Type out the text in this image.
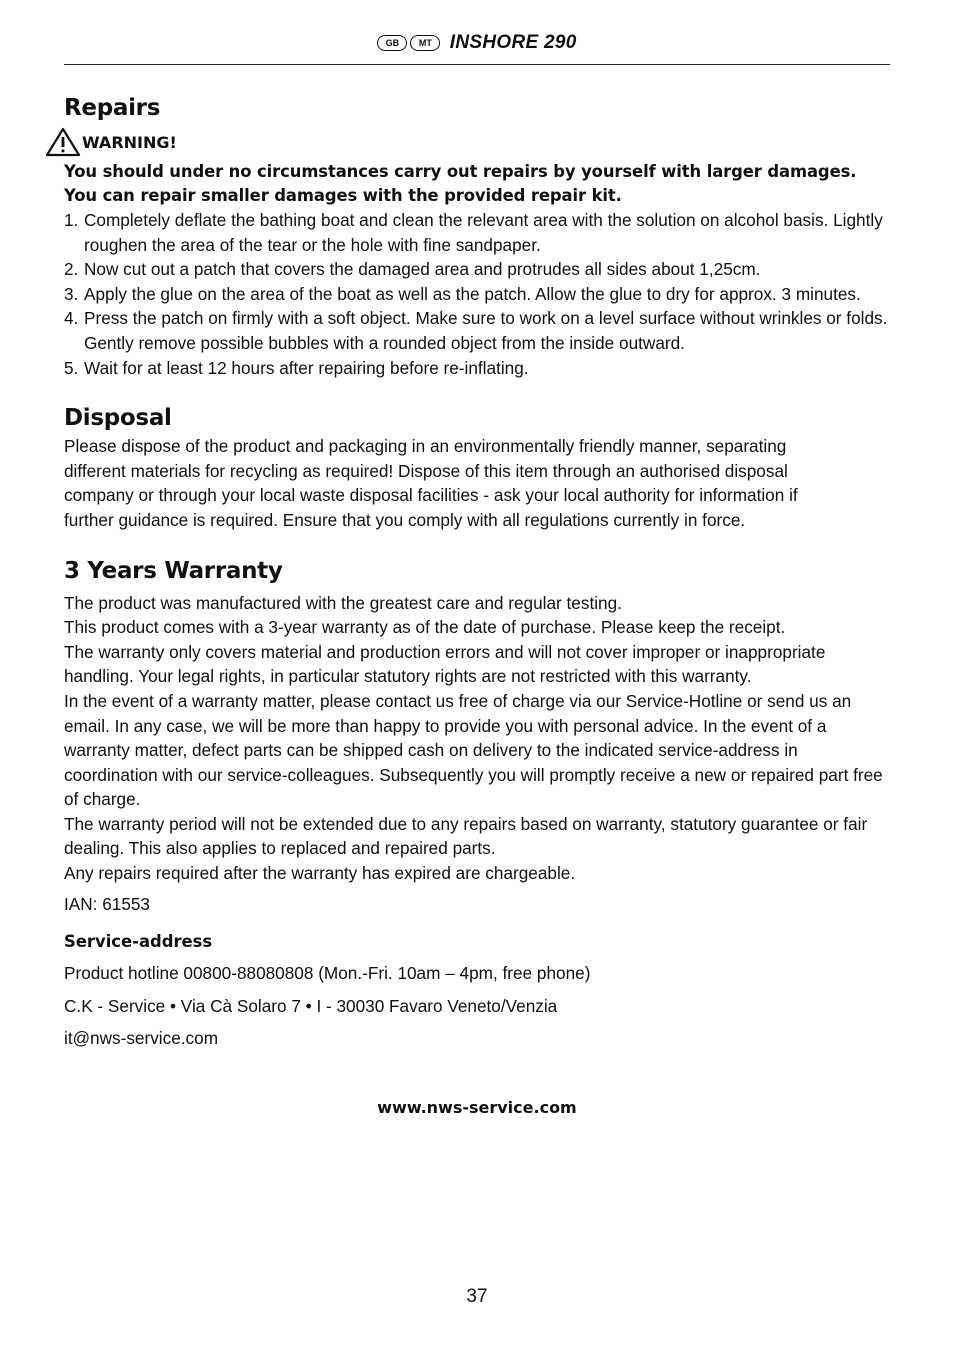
GB MT INSHORE 290
Repairs
WARNING!

You should under no circumstances carry out repairs by yourself with larger damages. You can repair smaller damages with the provided repair kit.

1. Completely deflate the bathing boat and clean the relevant area with the solution on alcohol basis. Lightly roughen the area of the tear or the hole with fine sandpaper.
2. Now cut out a patch that covers the damaged area and protrudes all sides about 1,25cm.
3. Apply the glue on the area of the boat as well as the patch. Allow the glue to dry for approx. 3 minutes.
4. Press the patch on firmly with a soft object. Make sure to work on a level surface without wrinkles or folds. Gently remove possible bubbles with a rounded object from the inside outward.
5. Wait for at least 12 hours after repairing before re-inflating.
Disposal

Please dispose of the product and packaging in an environmentally friendly manner, separating different materials for recycling as required! Dispose of this item through an authorised disposal company or through your local waste disposal facilities - ask your local authority for information if further guidance is required. Ensure that you comply with all regulations currently in force.

3 Years Warranty

The product was manufactured with the greatest care and regular testing.

This product comes with a 3-year warranty as of the date of purchase. Please keep the receipt.

The warranty only covers material and production errors and will not cover improper or inappropriate handling. Your legal rights, in particular statutory rights are not restricted with this warranty.

In the event of a warranty matter, please contact us free of charge via our Service-Hotline or send us an email. In any case, we will be more than happy to provide you with personal advice. In the event of a warranty matter, defect parts can be shipped cash on delivery to the indicated service-address in coordination with our service-colleagues. Subsequently you will promptly receive a new or repaired part free of charge.

The warranty period will not be extended due to any repairs based on warranty, statutory guarantee or fair dealing. This also applies to replaced and repaired parts.

Any repairs required after the warranty has expired are chargeable.

IAN: 61553

Service-address

Product hotline 00800-88080808 (Mon.-Fri. 10am – 4pm, free phone)

C.K - Service • Via Cà Solaro 7 • I - 30030 Favaro Veneto/Venzia

it@nws-service.com

www.nws-service.com
37
